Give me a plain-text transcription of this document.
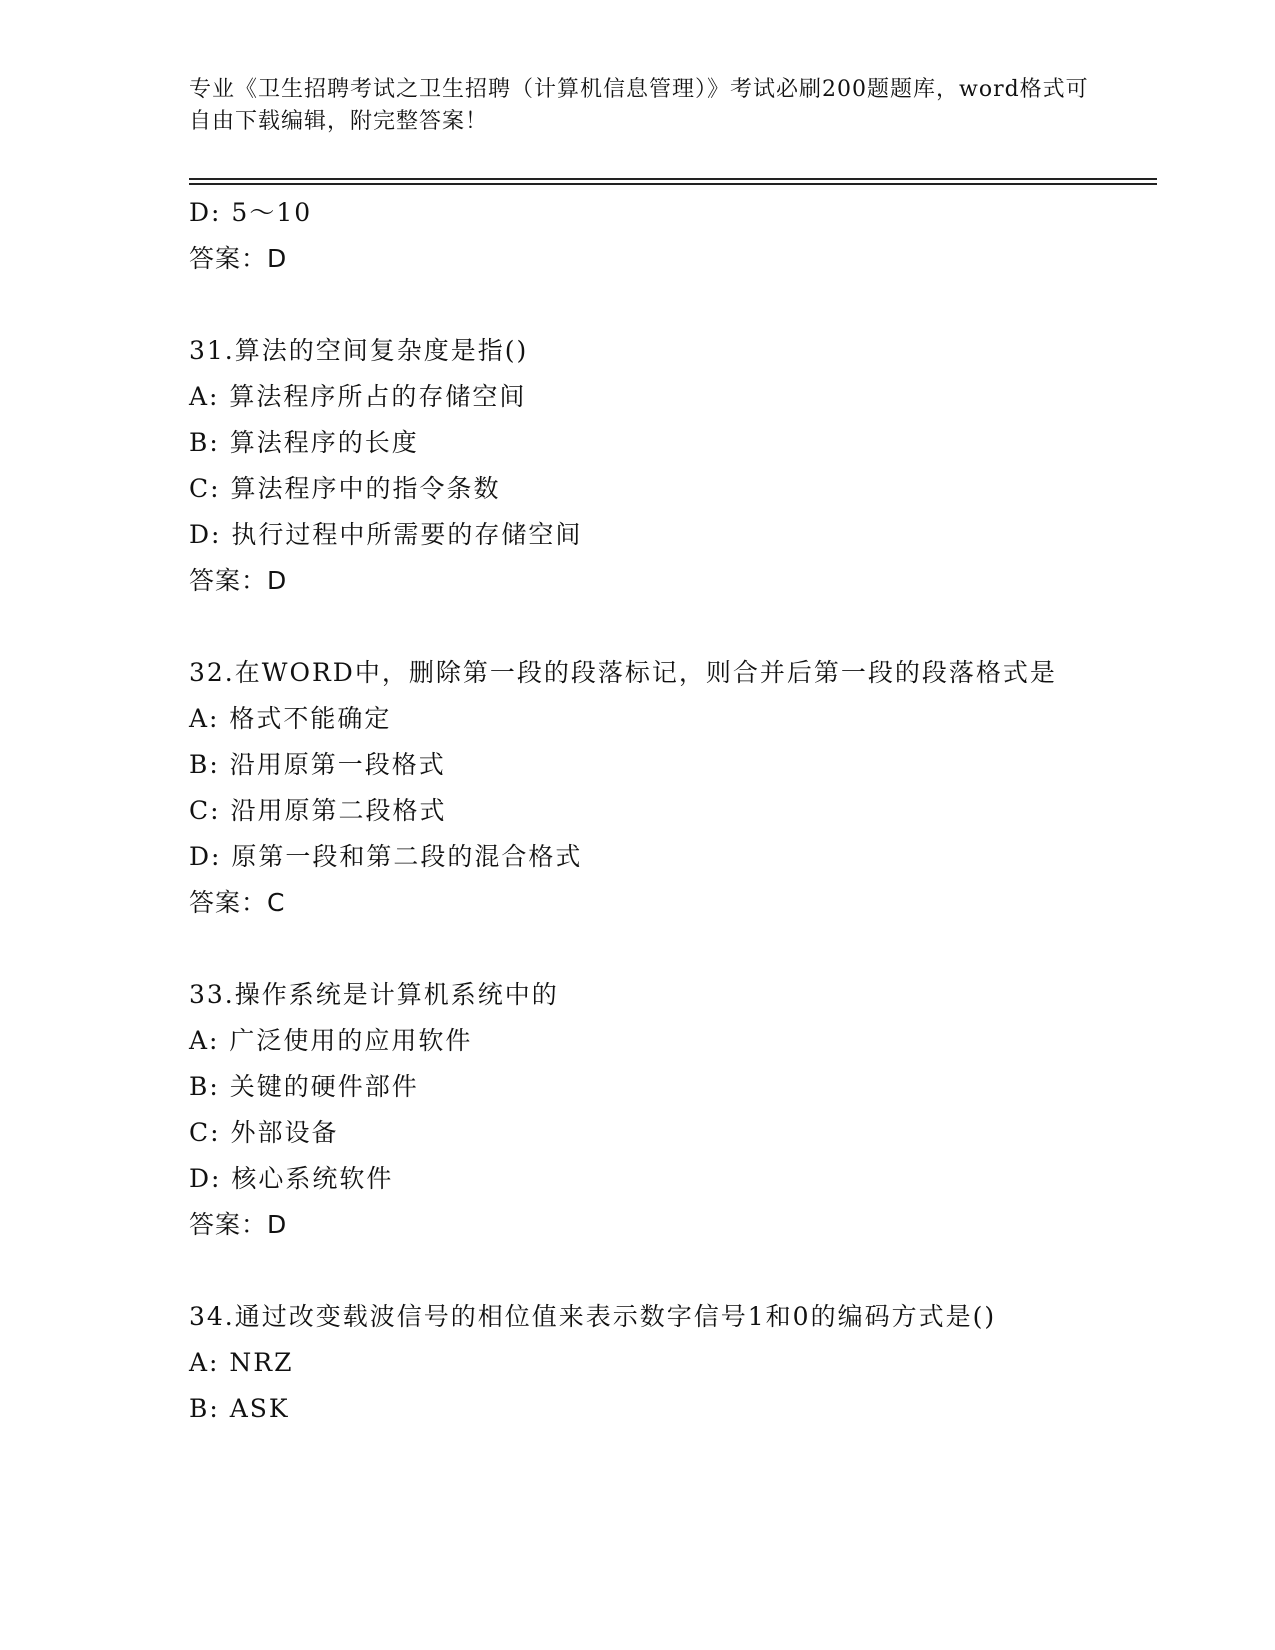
专业《卫生招聘考试之卫生招聘（计算机信息管理）》考试必刷200题题库，word格式可自由下载编辑，附完整答案！
D: 5～10
答案：D
31.算法的空间复杂度是指()
A: 算法程序所占的存储空间
B: 算法程序的长度
C: 算法程序中的指令条数
D: 执行过程中所需要的存储空间
答案：D
32.在WORD中，删除第一段的段落标记，则合并后第一段的段落格式是
A: 格式不能确定
B: 沿用原第一段格式
C: 沿用原第二段格式
D: 原第一段和第二段的混合格式
答案：C
33.操作系统是计算机系统中的
A: 广泛使用的应用软件
B: 关键的硬件部件
C: 外部设备
D: 核心系统软件
答案：D
34.通过改变载波信号的相位值来表示数字信号1和0的编码方式是()
A: NRZ
B: ASK
